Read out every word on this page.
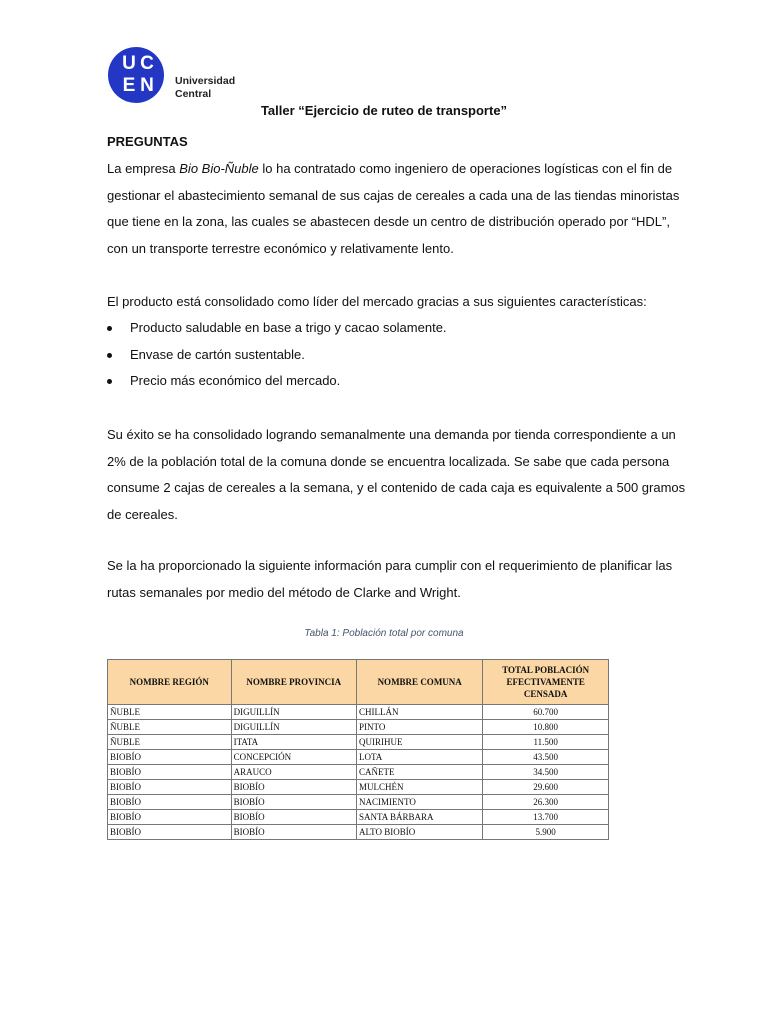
U C
E N Universidad
Central
Taller “Ejercicio de ruteo de transporte”
PREGUNTAS

La empresa Bio Bio-Ñuble lo ha contratado como ingeniero de operaciones logísticas con el fin de
gestionar el abastecimiento semanal de sus cajas de cereales a cada una de las tiendas minoristas
que tiene en la zona, las cuales se abastecen desde un centro de distribución operado por “HDL”,
con un transporte terrestre económico y relativamente lento.

El producto está consolidado como líder del mercado gracias a sus siguientes características:

Producto saludable en base a trigo y cacao solamente.
Envase de cartón sustentable.
Precio más económico del mercado.

Su éxito se ha consolidado logrando semanalmente una demanda por tienda correspondiente a un
2% de la población total de la comuna donde se encuentra localizada. Se sabe que cada persona
consume 2 cajas de cereales a la semana, y el contenido de cada caja es equivalente a 500 gramos
de cereales.

Se la ha proporcionado la siguiente información para cumplir con el requerimiento de planificar las
rutas semanales por medio del método de Clarke and Wright.

Tabla 1: Población total por comuna
NOMBRE REGIÓN	NOMBRE PROVINCIA	NOMBRE COMUNA	TOTAL POBLACIÓN EFECTIVAMENTE CENSADA
ÑUBLE	DIGUILLÍN	CHILLÁN	60.700
ÑUBLE	DIGUILLÍN	PINTO	10.800
ÑUBLE	ITATA	QUIRIHUE	11.500
BIOBÍO	CONCEPCIÓN	LOTA	43.500
BIOBÍO	ARAUCO	CAÑETE	34.500
BIOBÍO	BIOBÍO	MULCHÉN	29.600
BIOBÍO	BIOBÍO	NACIMIENTO	26.300
BIOBÍO	BIOBÍO	SANTA BÁRBARA	13.700
BIOBÍO	BIOBÍO	ALTO BIOBÍO	5.900
